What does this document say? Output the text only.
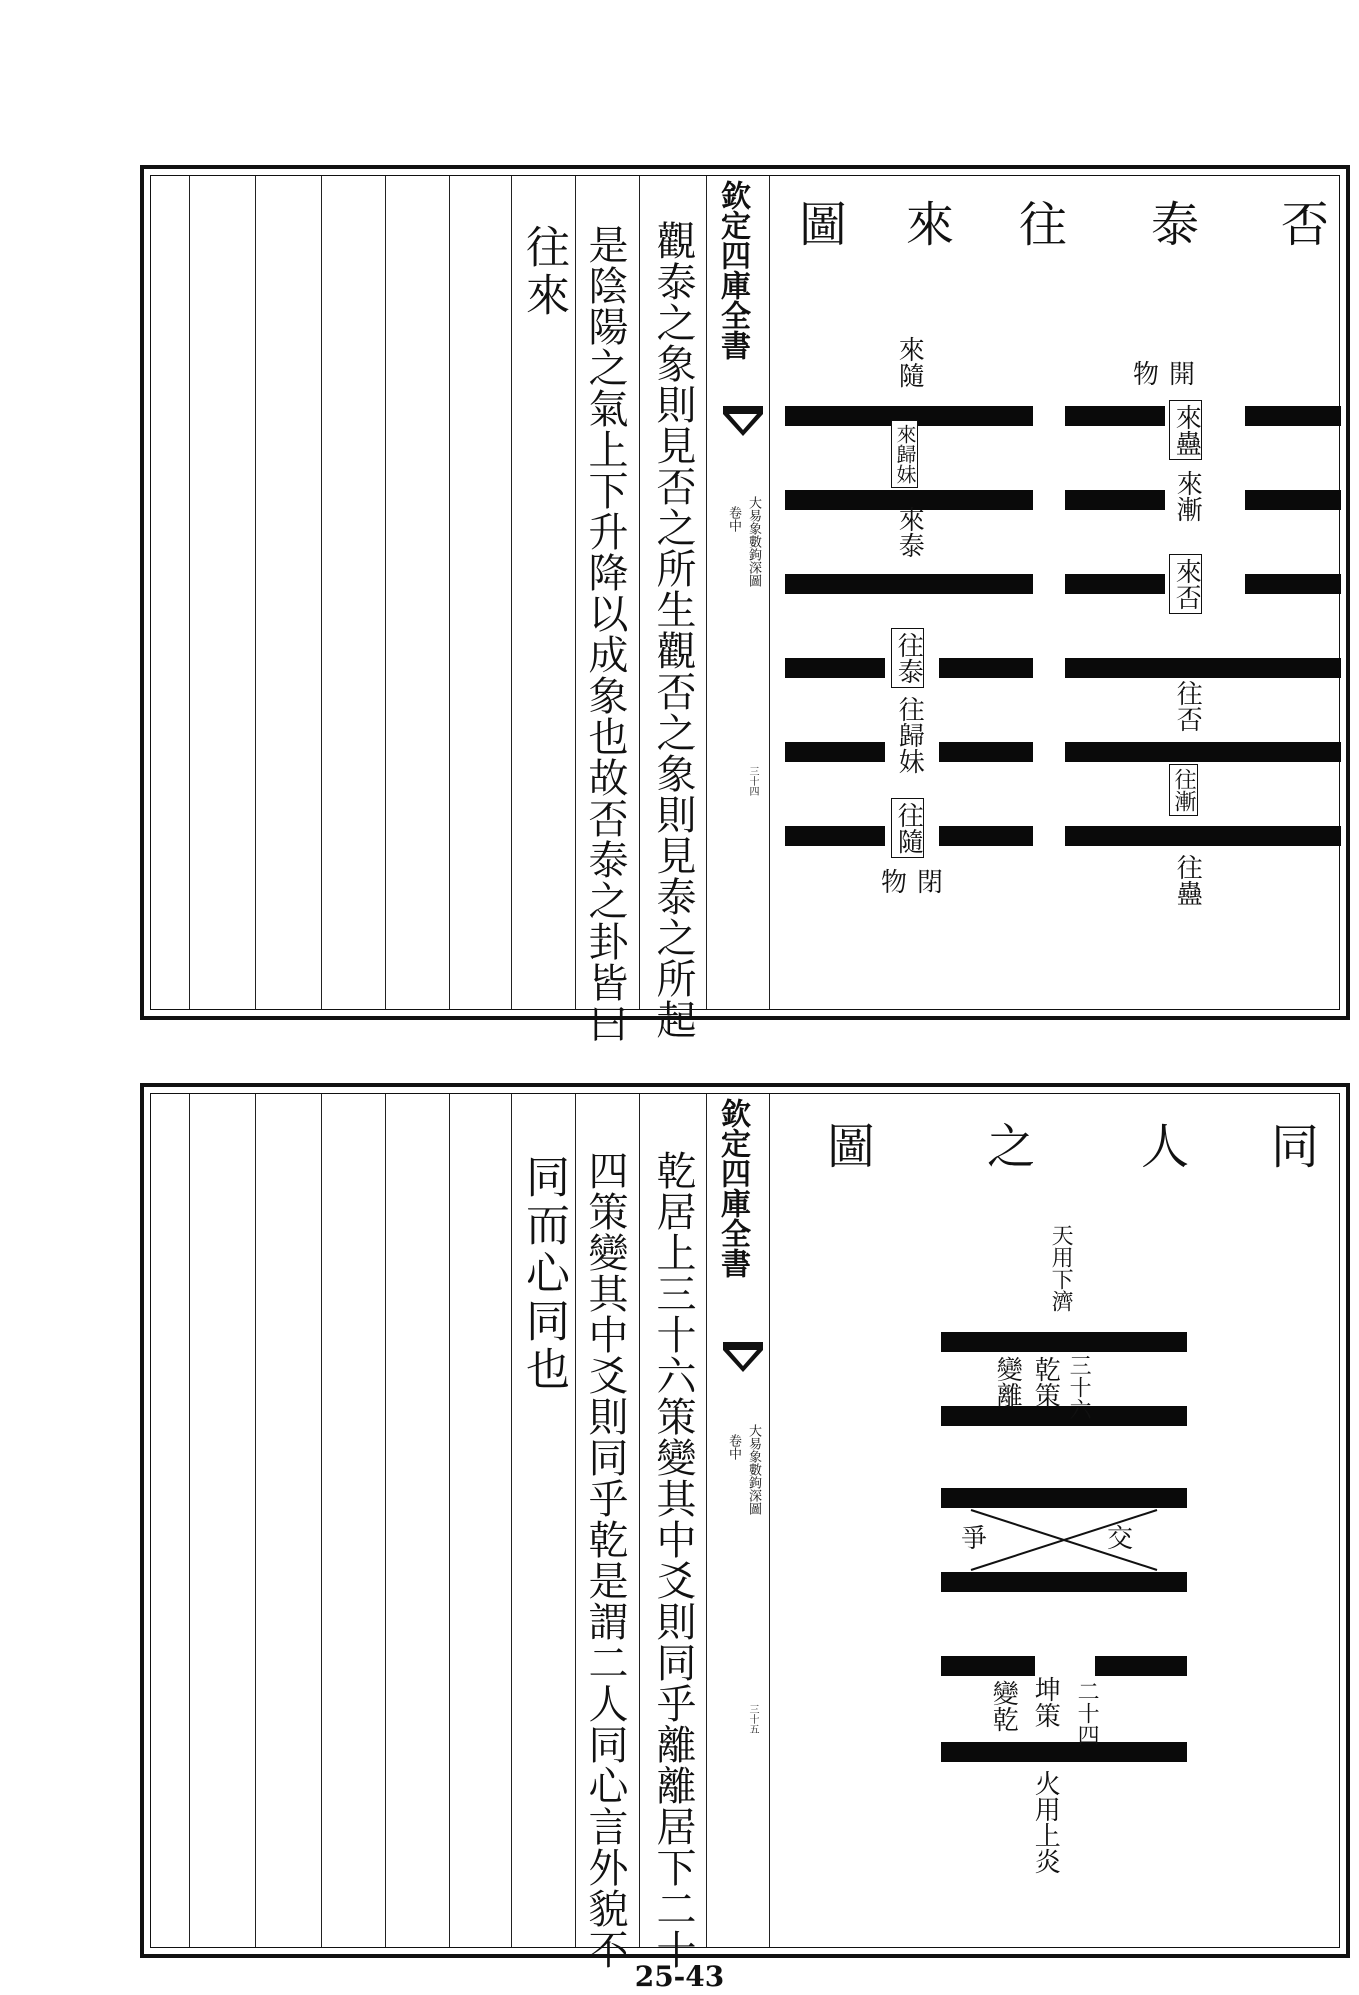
往來 是陰陽之氣上下升降以成象也故否泰之卦皆曰 觀泰之象則見否之所生觀否之象則見泰之所起 欽定四庫全書
大易象數鉤深圖
卷中
三十四
否
泰
往
來
圖
來隨
來歸妹
來泰
往泰
往歸妹
往隨
來蠱
來漸
來否
往否
往漸
往蠱
開物
閉物
同而心同也 四策變其中爻則同乎乾是謂二人同心言外貌不 乾居上三十六策變其中爻則同乎離離居下二十 欽定四庫全書
大易象數鉤深圖
卷中
三十五
同
人
之
圖
天用下濟
乾策 三十六
變離
爭	交
坤策 二十四
變乾
火用上炎
25-43
